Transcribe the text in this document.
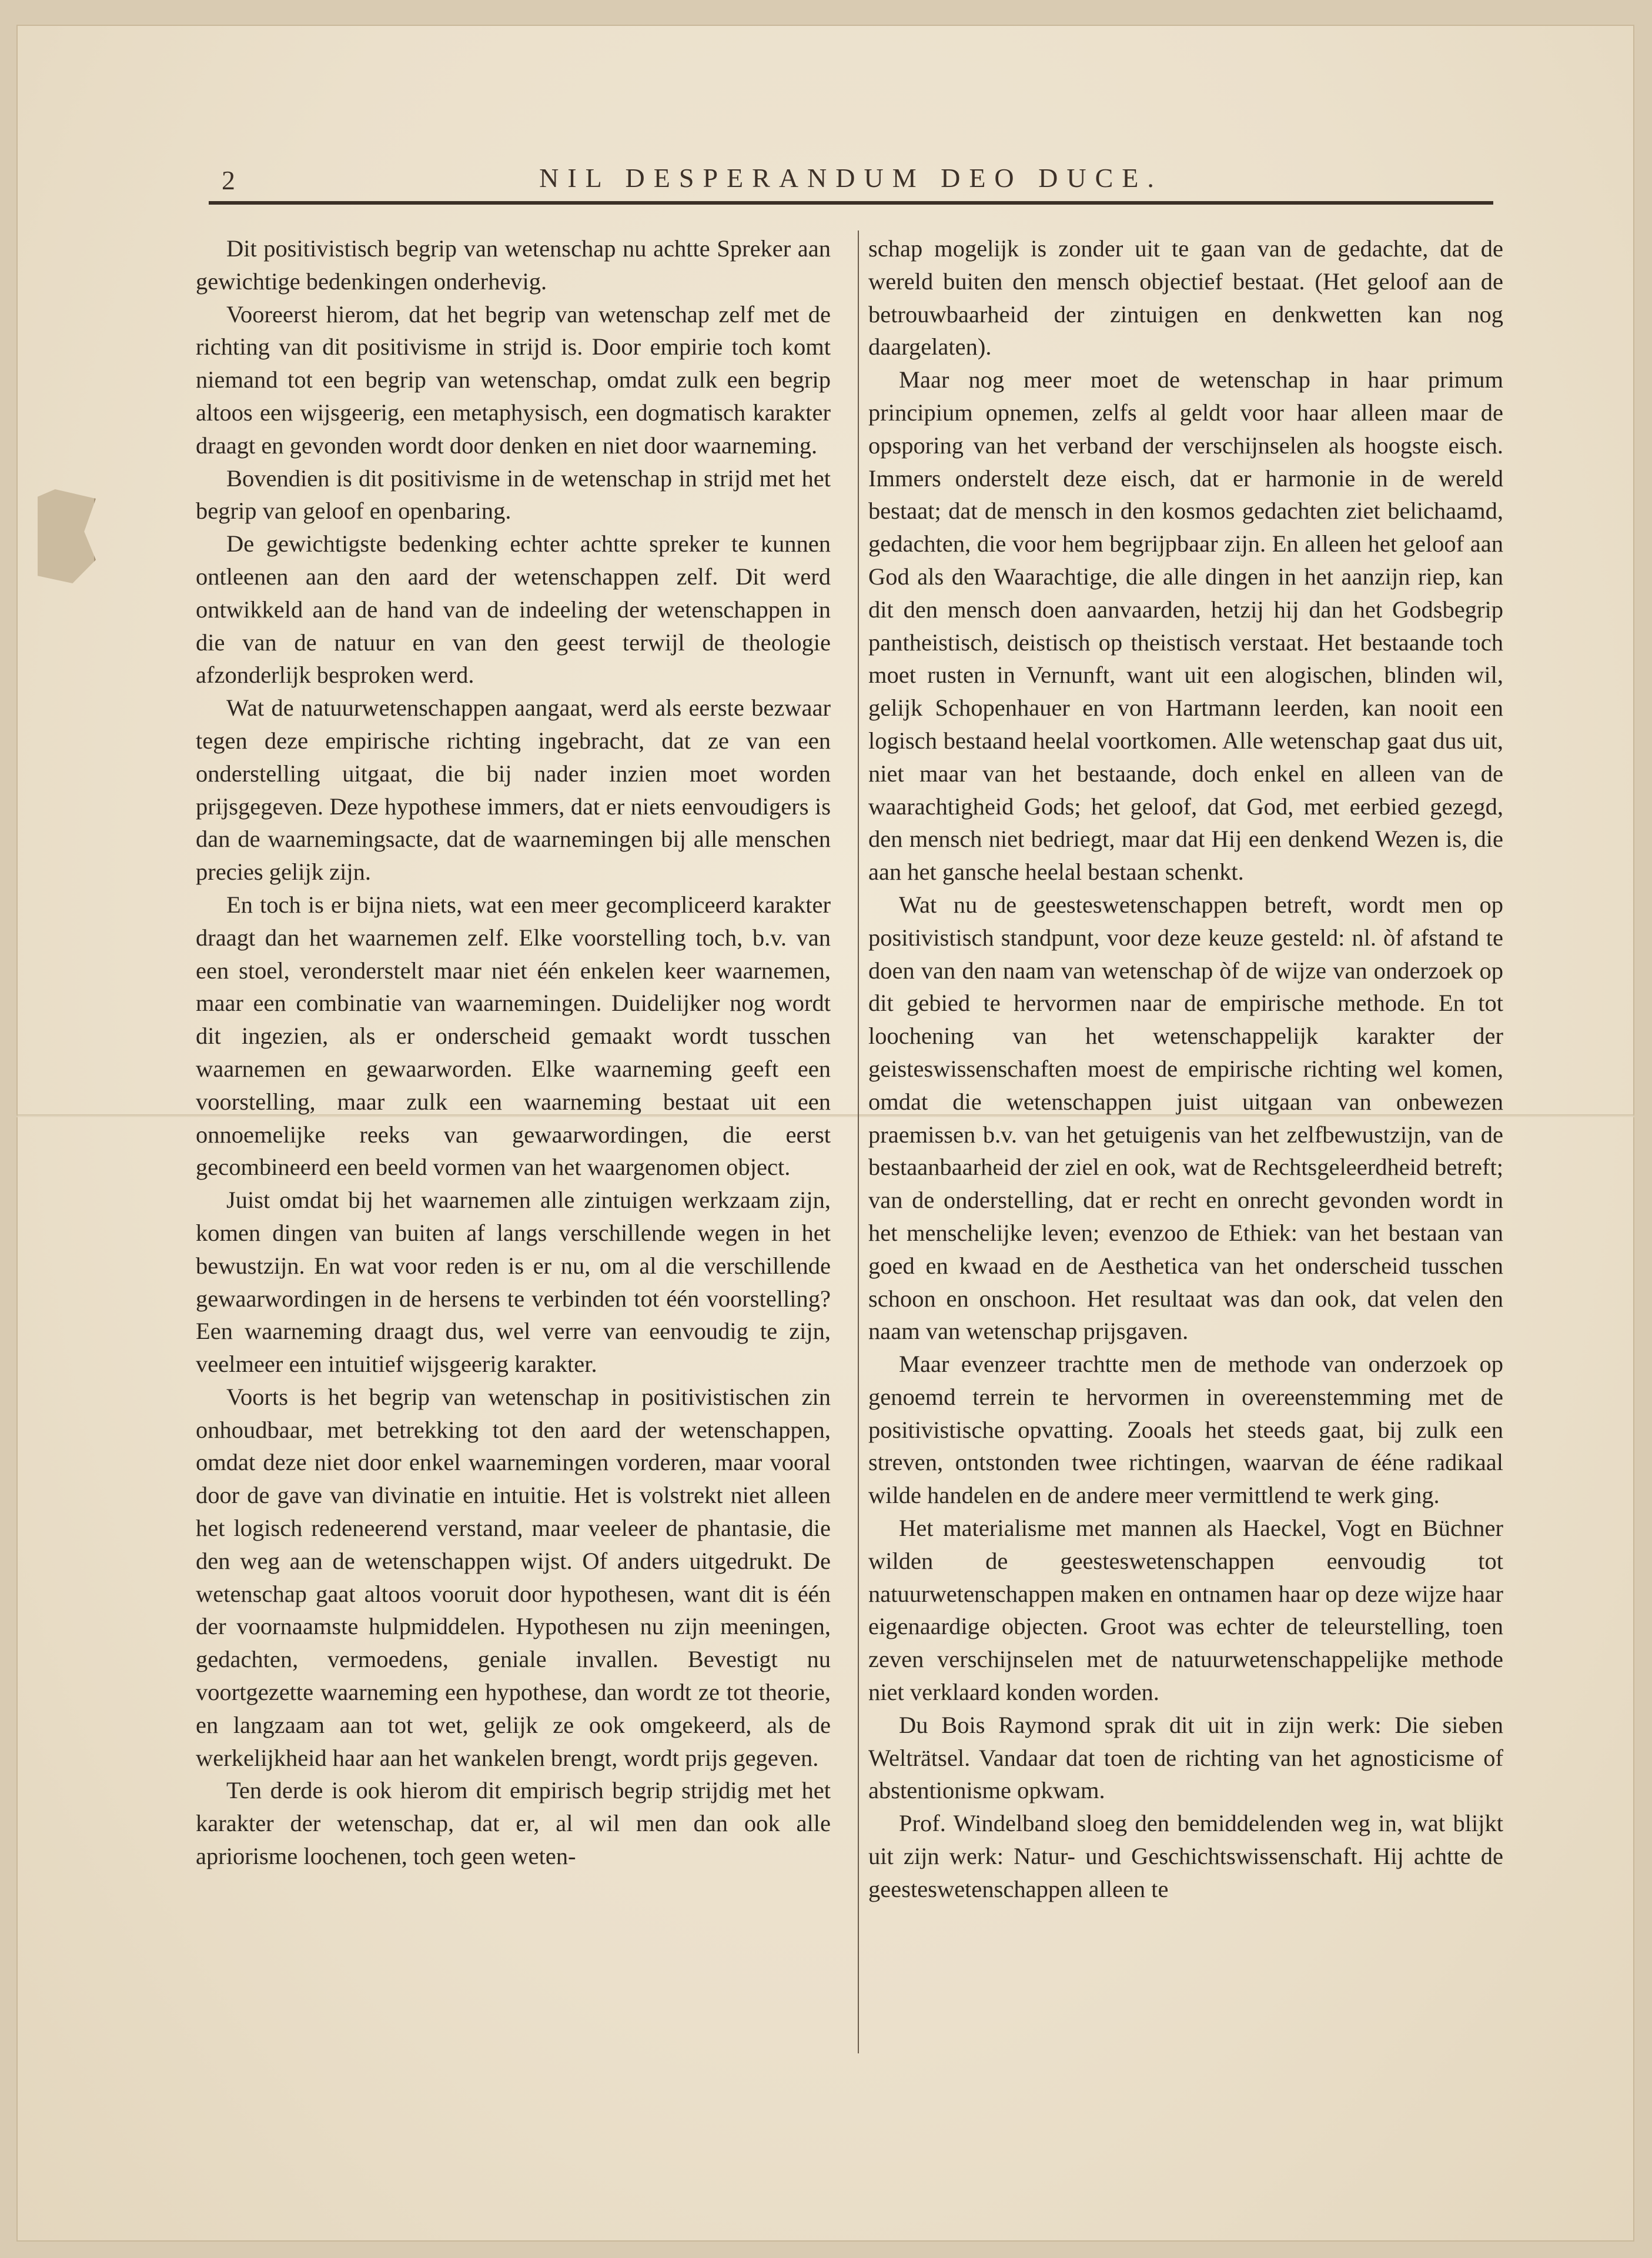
2	NIL DESPERANDUM DEO DUCE.

Dit positivistisch begrip van wetenschap nu achtte Spreker aan gewichtige bedenkingen onderhevig.

Vooreerst hierom, dat het begrip van wetenschap zelf met de richting van dit positivisme in strijd is. Door empirie toch komt niemand tot een begrip van wetenschap, omdat zulk een begrip altoos een wijsgeerig, een metaphysisch, een dogmatisch karakter draagt en gevonden wordt door denken en niet door waarneming.

Bovendien is dit positivisme in de wetenschap in strijd met het begrip van geloof en openbaring.

De gewichtigste bedenking echter achtte spreker te kunnen ontleenen aan den aard der wetenschappen zelf. Dit werd ontwikkeld aan de hand van de indeeling der wetenschappen in die van de natuur en van den geest terwijl de theologie afzonderlijk besproken werd.

Wat de natuurwetenschappen aangaat, werd als eerste bezwaar tegen deze empirische richting ingebracht, dat ze van een onderstelling uitgaat, die bij nader inzien moet worden prijsgegeven. Deze hypothese immers, dat er niets eenvoudigers is dan de waarnemingsacte, dat de waarnemingen bij alle menschen precies gelijk zijn.

En toch is er bijna niets, wat een meer gecompliceerd karakter draagt dan het waarnemen zelf. Elke voorstelling toch, b.v. van een stoel, veronderstelt maar niet één enkelen keer waarnemen, maar een combinatie van waarnemingen. Duidelijker nog wordt dit ingezien, als er onderscheid gemaakt wordt tusschen waarnemen en gewaarworden. Elke waarneming geeft een voorstelling, maar zulk een waarneming bestaat uit een onnoemelijke reeks van gewaarwordingen, die eerst gecombineerd een beeld vormen van het waargenomen object.

Juist omdat bij het waarnemen alle zintuigen werkzaam zijn, komen dingen van buiten af langs verschillende wegen in het bewustzijn. En wat voor reden is er nu, om al die verschillende gewaarwordingen in de hersens te verbinden tot één voorstelling? Een waarneming draagt dus, wel verre van eenvoudig te zijn, veelmeer een intuitief wijsgeerig karakter.

Voorts is het begrip van wetenschap in positivistischen zin onhoudbaar, met betrekking tot den aard der wetenschappen, omdat deze niet door enkel waarnemingen vorderen, maar vooral door de gave van divinatie en intuitie. Het is volstrekt niet alleen het logisch redeneerend verstand, maar veeleer de phantasie, die den weg aan de wetenschappen wijst. Of anders uitgedrukt. De wetenschap gaat altoos vooruit door hypothesen, want dit is één der voornaamste hulpmiddelen. Hypothesen nu zijn meeningen, gedachten, vermoedens, geniale invallen. Bevestigt nu voortgezette waarneming een hypothese, dan wordt ze tot theorie, en langzaam aan tot wet, gelijk ze ook omgekeerd, als de werkelijkheid haar aan het wankelen brengt, wordt prijs gegeven.

Ten derde is ook hierom dit empirisch begrip strijdig met het karakter der wetenschap, dat er, al wil men dan ook alle apriorisme loochenen, toch geen weten-

schap mogelijk is zonder uit te gaan van de gedachte, dat de wereld buiten den mensch objectief bestaat. (Het geloof aan de betrouwbaarheid der zintuigen en denkwetten kan nog daargelaten).

Maar nog meer moet de wetenschap in haar primum principium opnemen, zelfs al geldt voor haar alleen maar de opsporing van het verband der verschijnselen als hoogste eisch. Immers onderstelt deze eisch, dat er harmonie in de wereld bestaat; dat de mensch in den kosmos gedachten ziet belichaamd, gedachten, die voor hem begrijpbaar zijn. En alleen het geloof aan God als den Waarachtige, die alle dingen in het aanzijn riep, kan dit den mensch doen aanvaarden, hetzij hij dan het Godsbegrip pantheistisch, deistisch op theistisch verstaat. Het bestaande toch moet rusten in Vernunft, want uit een alogischen, blinden wil, gelijk Schopenhauer en von Hartmann leerden, kan nooit een logisch bestaand heelal voortkomen. Alle wetenschap gaat dus uit, niet maar van het bestaande, doch enkel en alleen van de waarachtigheid Gods; het geloof, dat God, met eerbied gezegd, den mensch niet bedriegt, maar dat Hij een denkend Wezen is, die aan het gansche heelal bestaan schenkt.

Wat nu de geesteswetenschappen betreft, wordt men op positivistisch standpunt, voor deze keuze gesteld: nl. òf afstand te doen van den naam van wetenschap òf de wijze van onderzoek op dit gebied te hervormen naar de empirische methode. En tot loochening van het wetenschappelijk karakter der geisteswissenschaften moest de empirische richting wel komen, omdat die wetenschappen juist uitgaan van onbewezen praemissen b.v. van het getuigenis van het zelfbewustzijn, van de bestaanbaarheid der ziel en ook, wat de Rechtsgeleerdheid betreft; van de onderstelling, dat er recht en onrecht gevonden wordt in het menschelijke leven; evenzoo de Ethiek: van het bestaan van goed en kwaad en de Aesthetica van het onderscheid tusschen schoon en onschoon. Het resultaat was dan ook, dat velen den naam van wetenschap prijsgaven.

Maar evenzeer trachtte men de methode van onderzoek op genoemd terrein te hervormen in overeenstemming met de positivistische opvatting. Zooals het steeds gaat, bij zulk een streven, ontstonden twee richtingen, waarvan de ééne radikaal wilde handelen en de andere meer vermittlend te werk ging.

Het materialisme met mannen als Haeckel, Vogt en Büchner wilden de geesteswetenschappen eenvoudig tot natuurwetenschappen maken en ontnamen haar op deze wijze haar eigenaardige objecten. Groot was echter de teleurstelling, toen zeven verschijnselen met de natuurwetenschappelijke methode niet verklaard konden worden.

Du Bois Raymond sprak dit uit in zijn werk: Die sieben Welträtsel. Vandaar dat toen de richting van het agnosticisme of abstentionisme opkwam.

Prof. Windelband sloeg den bemiddelenden weg in, wat blijkt uit zijn werk: Natur- und Geschichtswissenschaft. Hij achtte de geesteswetenschappen alleen te
